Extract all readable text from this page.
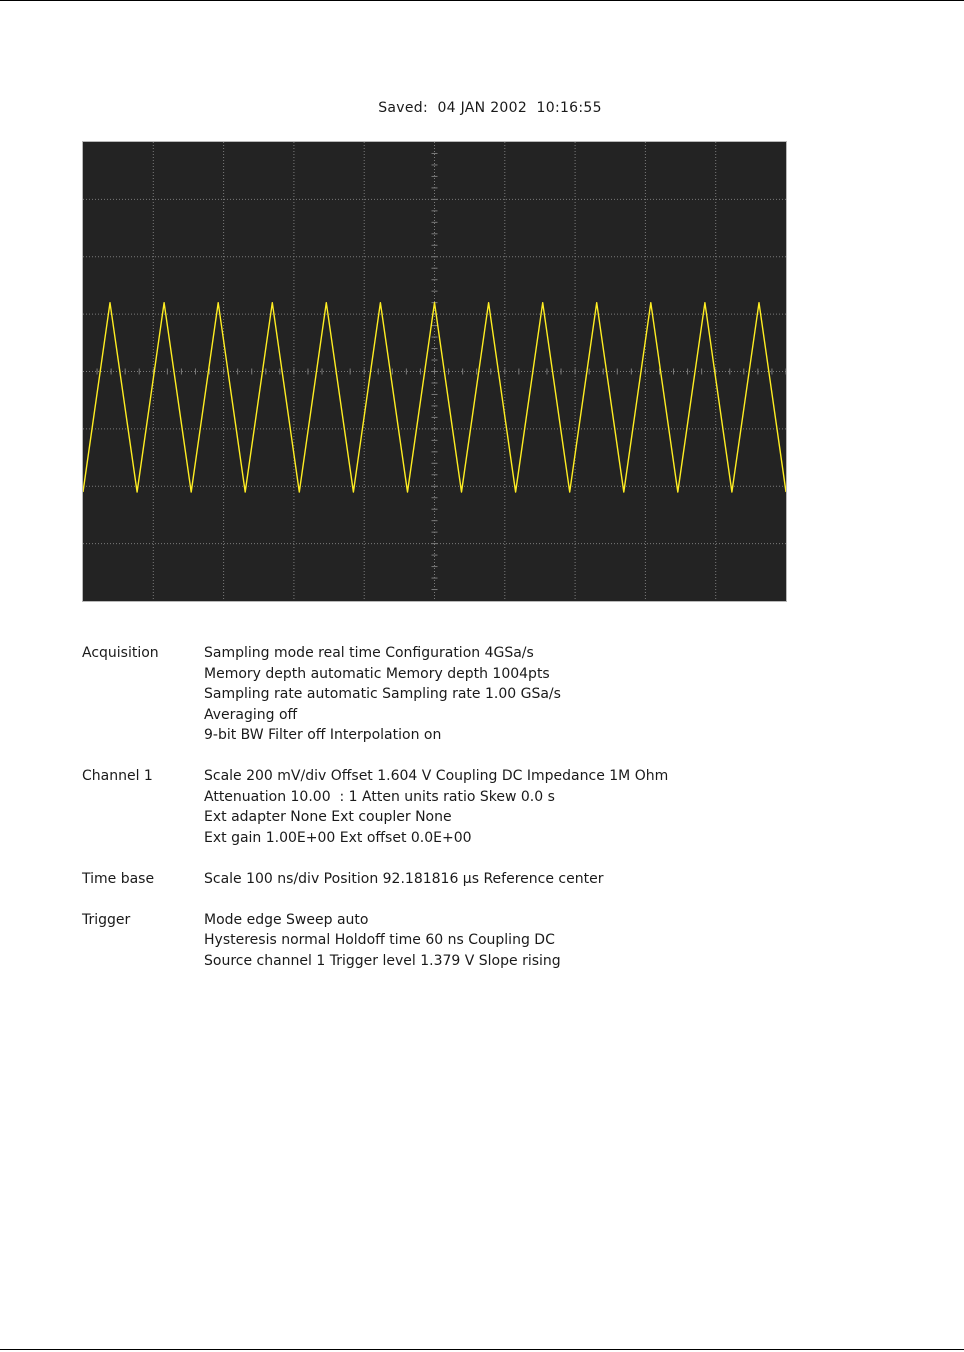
Saved:  04 JAN 2002  10:16:55
Acquisition	Sampling mode real time Configuration 4GSa/s
Memory depth automatic Memory depth 1004pts
Sampling rate automatic Sampling rate 1.00 GSa/s
Averaging off
9-bit BW Filter off Interpolation on
Channel 1	Scale 200 mV/div Offset 1.604 V Coupling DC Impedance 1M Ohm
Attenuation 10.00  : 1 Atten units ratio Skew 0.0 s
Ext adapter None Ext coupler None
Ext gain 1.00E+00 Ext offset 0.0E+00
Time base	Scale 100 ns/div Position 92.181816 µs Reference center
Trigger	Mode edge Sweep auto
Hysteresis normal Holdoff time 60 ns Coupling DC
Source channel 1 Trigger level 1.379 V Slope rising
